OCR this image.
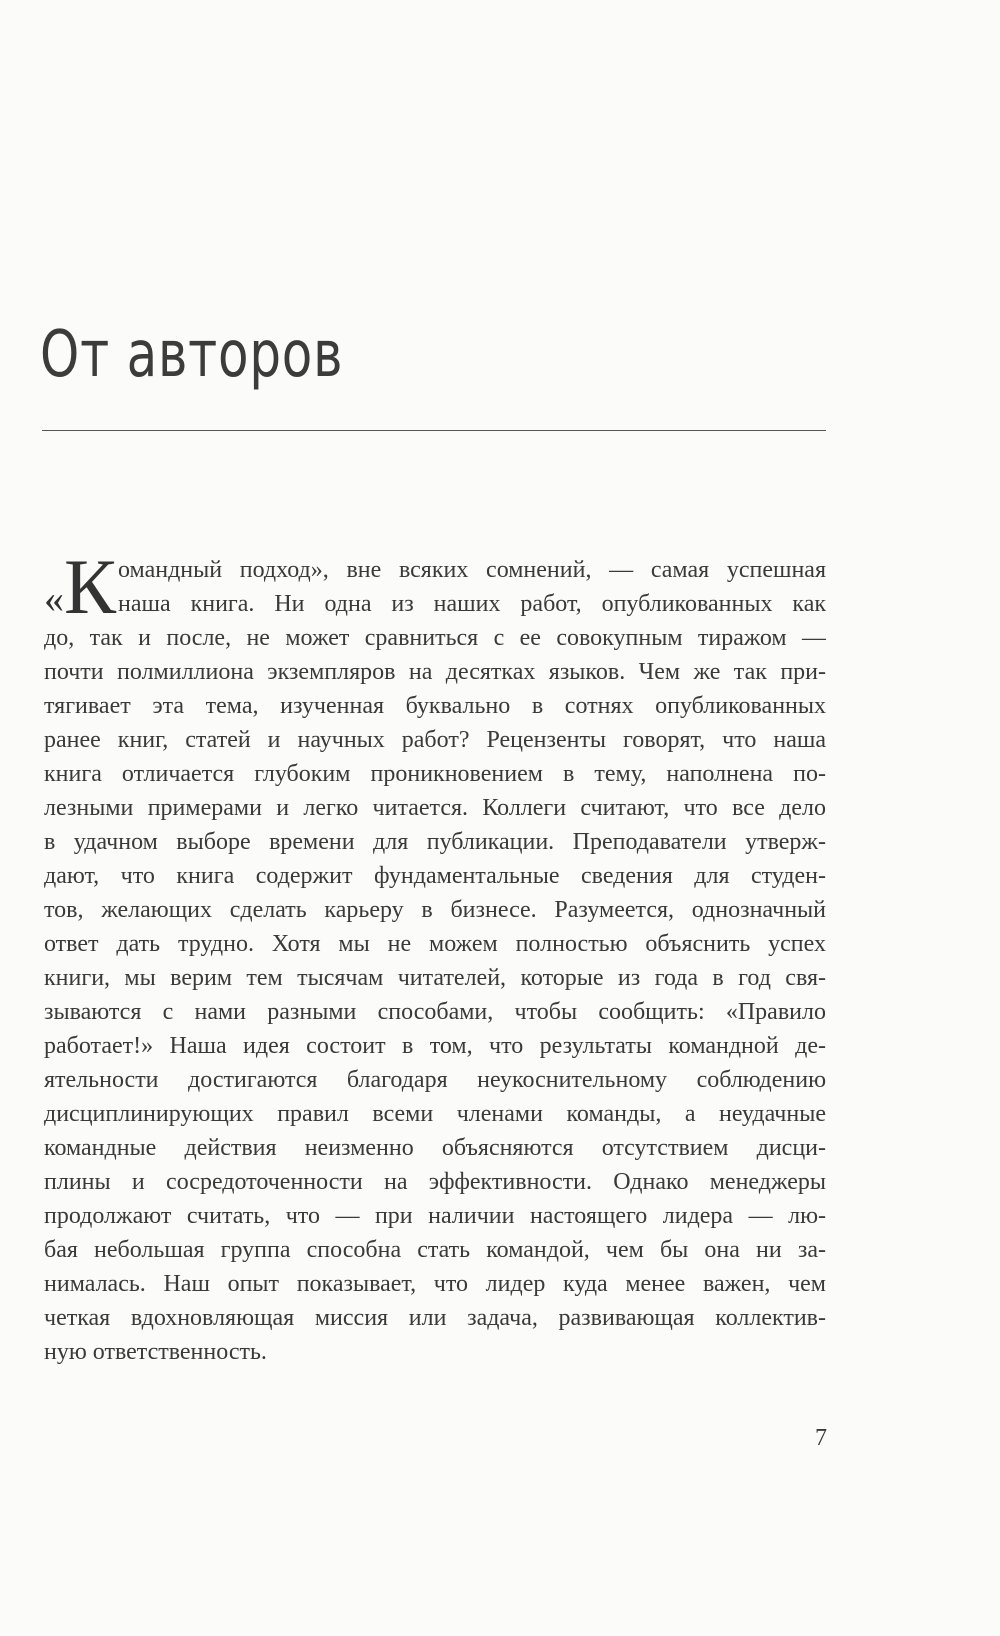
От авторов
«К омандный подход», вне всяких сомнений, — самая успешная
наша книга. Ни одна из наших работ, опубликованных как
до, так и после, не может сравниться с ее совокупным тиражом —
почти полмиллиона экземпляров на десятках языков. Чем же так при-
тягивает эта тема, изученная буквально в сотнях опубликованных
ранее книг, статей и научных работ? Рецензенты говорят, что наша
книга отличается глубоким проникновением в тему, наполнена по-
лезными примерами и легко читается. Коллеги считают, что все дело
в удачном выборе времени для публикации. Преподаватели утверж-
дают, что книга содержит фундаментальные сведения для студен-
тов, желающих сделать карьеру в бизнесе. Разумеется, однозначный
ответ дать трудно. Хотя мы не можем полностью объяснить успех
книги, мы верим тем тысячам читателей, которые из года в год свя-
зываются с нами разными способами, чтобы сообщить: «Правило
работает!» Наша идея состоит в том, что результаты командной де-
ятельности достигаются благодаря неукоснительному соблюдению
дисциплинирующих правил всеми членами команды, а неудачные
командные действия неизменно объясняются отсутствием дисци-
плины и сосредоточенности на эффективности. Однако менеджеры
продолжают считать, что — при наличии настоящего лидера — лю-
бая небольшая группа способна стать командой, чем бы она ни за-
нималась. Наш опыт показывает, что лидер куда менее важен, чем
четкая вдохновляющая миссия или задача, развивающая коллектив-
ную ответственность.
7
